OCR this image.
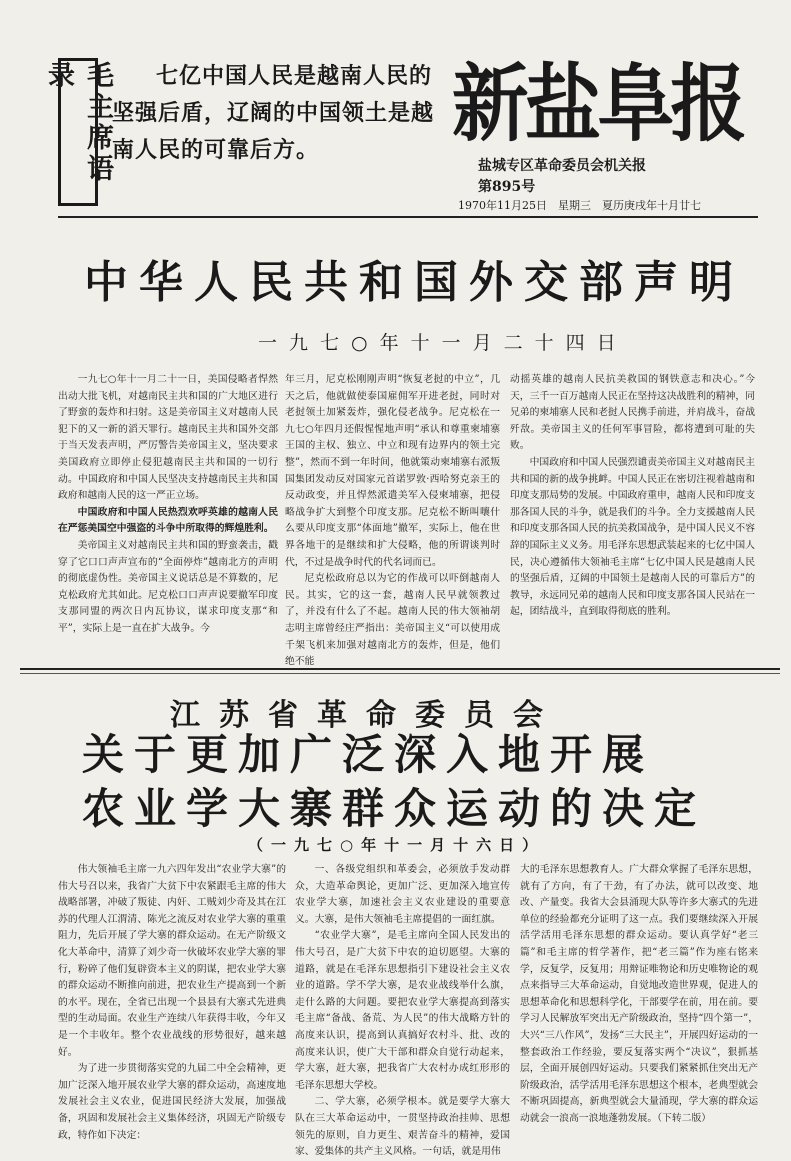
毛主席语录	七亿中国人民是越南人民的坚强后盾，辽阔的中国领土是越南人民的可靠后方。	新盐阜报
盐城专区革命委员会机关报
第895号
1970年11月25日　星期三　夏历庚戌年十月廿七
中华人民共和国外交部声明
一九七○年十一月二十四日

一九七○年十一月二十一日，美国侵略者悍然出动大批飞机，对越南民主共和国的广大地区进行了野蛮的轰炸和扫射。这是美帝国主义对越南人民犯下的又一新的滔天罪行。越南民主共和国外交部于当天发表声明，严厉警告美帝国主义，坚决要求美国政府立即停止侵犯越南民主共和国的一切行动。中国政府和中国人民坚决支持越南民主共和国政府和越南人民的这一严正立场。

中国政府和中国人民热烈欢呼英雄的越南人民在严惩美国空中强盗的斗争中所取得的辉煌胜利。

美帝国主义对越南民主共和国的野蛮袭击，戳穿了它口口声声宣布的“全面停炸”越南北方的声明的彻底虚伪性。美帝国主义说话总是不算数的，尼克松政府尤其如此。尼克松口口声声说要撤军印度支那同盟的两次日内瓦协议，谋求印度支那“和平”，实际上是一直在扩大战争。今

年三月，尼克松刚刚声明“恢复老挝的中立”，几天之后，他就做使泰国雇佣军开进老挝，同时对老挝领土加紧轰炸，强化侵老战争。尼克松在一九七○年四月还假惺惺地声明“承认和尊重柬埔寨王国的主权、独立、中立和现有边界内的领土完整”，然而不到一年时间，他就策动柬埔寨右派叛国集团发动反对国家元首诺罗敦·西哈努克亲王的反动政变，并且悍然派遣美军入侵柬埔寨，把侵略战争扩大到整个印度支那。尼克松不断叫嚷什么要从印度支那“体面地”撤军，实际上，他在世界各地干的是继续和扩大侵略，他的所谓谈判时代，不过是战争时代的代名词而已。

尼克松政府总以为它的作战可以吓倒越南人民。其实，它的这一套，越南人民早就领教过了，并没有什么了不起。越南人民的伟大领袖胡志明主席曾经庄严指出：美帝国主义“可以使用成千架飞机来加强对越南北方的轰炸，但是，他们绝不能

动摇英雄的越南人民抗美救国的钢铁意志和决心。”今天，三千一百万越南人民正在坚持这决战胜利的精神，同兄弟的柬埔寨人民和老挝人民携手前进，并肩战斗，奋战歼敌。美帝国主义的任何军事冒险，都将遭到可耻的失败。

中国政府和中国人民强烈谴责美帝国主义对越南民主共和国的新的战争挑衅。中国人民正在密切注视着越南和印度支那局势的发展。中国政府重申，越南人民和印度支那各国人民的斗争，就是我们的斗争。全力支援越南人民和印度支那各国人民的抗美救国战争，是中国人民义不容辞的国际主义义务。用毛泽东思想武装起来的七亿中国人民，决心遵循伟大领袖毛主席“七亿中国人民是越南人民的坚强后盾，辽阔的中国领土是越南人民的可靠后方”的教导，永远同兄弟的越南人民和印度支那各国人民站在一起，团结战斗，直到取得彻底的胜利。

江苏省革命委员会
关于更加广泛深入地开展
农业学大寨群众运动的决定
（一九七○年十一月十六日）

伟大领袖毛主席一九六四年发出“农业学大寨”的伟大号召以来，我省广大贫下中农紧跟毛主席的伟大战略部署，冲破了叛徒、内奸、工贼刘少奇及其在江苏的代理人江渭清、陈光之流反对农业学大寨的重重阻力，先后开展了学大寨的群众运动。在无产阶级文化大革命中，清算了刘少奇一伙破坏农业学大寨的罪行，粉碎了他们复辟资本主义的阴谋，把农业学大寨的群众运动不断推向前进，把农业生产提高到一个新的水平。现在，全省已出现一个县县有大寨式先进典型的生动局面。农业生产连续八年获得丰收，今年又是一个丰收年。整个农业战线的形势很好，越来越好。

为了进一步贯彻落实党的九届二中全会精神，更加广泛深入地开展农业学大寨的群众运动，高速度地发展社会主义农业，促进国民经济大发展，加强战备，巩固和发展社会主义集体经济，巩固无产阶级专政，特作如下决定：

一、各级党组织和革委会，必须放手发动群众，大造革命舆论，更加广泛、更加深入地宣传农业学大寨，加速社会主义农业建设的重要意义。大寨，是伟大领袖毛主席提倡的一面红旗。

“农业学大寨”，是毛主席向全国人民发出的伟大号召，是广大贫下中农的迫切愿望。大寨的道路，就是在毛泽东思想指引下建设社会主义农业的道路。学不学大寨，是农业战线举什么旗，走什么路的大问题。要把农业学大寨提高到落实毛主席“备战、备荒、为人民”的伟大战略方针的高度来认识，提高到认真搞好农村斗、批、改的高度来认识，使广大干部和群众自觉行动起来，学大寨，赶大寨，把我省广大农村办成红形形的毛泽东思想大学校。

二、学大寨，必须学根本。就是要学大寨大队在三大革命运动中，一贯坚持政治挂帅、思想领先的原则，自力更生、艰苦奋斗的精神，爱国家、爱集体的共产主义风格。一句话，就是用伟

大的毛泽东思想教育人。广大群众掌握了毛泽东思想，就有了方向，有了干劲，有了办法，就可以改变、地改、产量变。我省大会县涌现大队等许多大寨式的先进单位的经验都充分证明了这一点。我们要继续深入开展活学活用毛泽东思想的群众运动。要认真学好“老三篇”和毛主席的哲学著作，把“老三篇”作为座右铭来学，反复学，反复用；用辩证唯物论和历史唯物论的观点来指导三大革命运动，自觉地改造世界观，促进人的思想革命化和思想科学化，干部要学在前，用在前。要学习人民解放军突出无产阶级政治，坚持“四个第一”，大兴“三八作风”，发扬“三大民主”，开展四好运动的一整套政治工作经验，要反复落实两个“决议”，狠抓基层，全面开展创四好运动。只要我们紧紧抓住突出无产阶级政治，活学活用毛泽东思想这个根本，老典型就会不断巩固提高，新典型就会大量涌现，学大寨的群众运动就会一浪高一浪地蓬勃发展。（下转二版）
